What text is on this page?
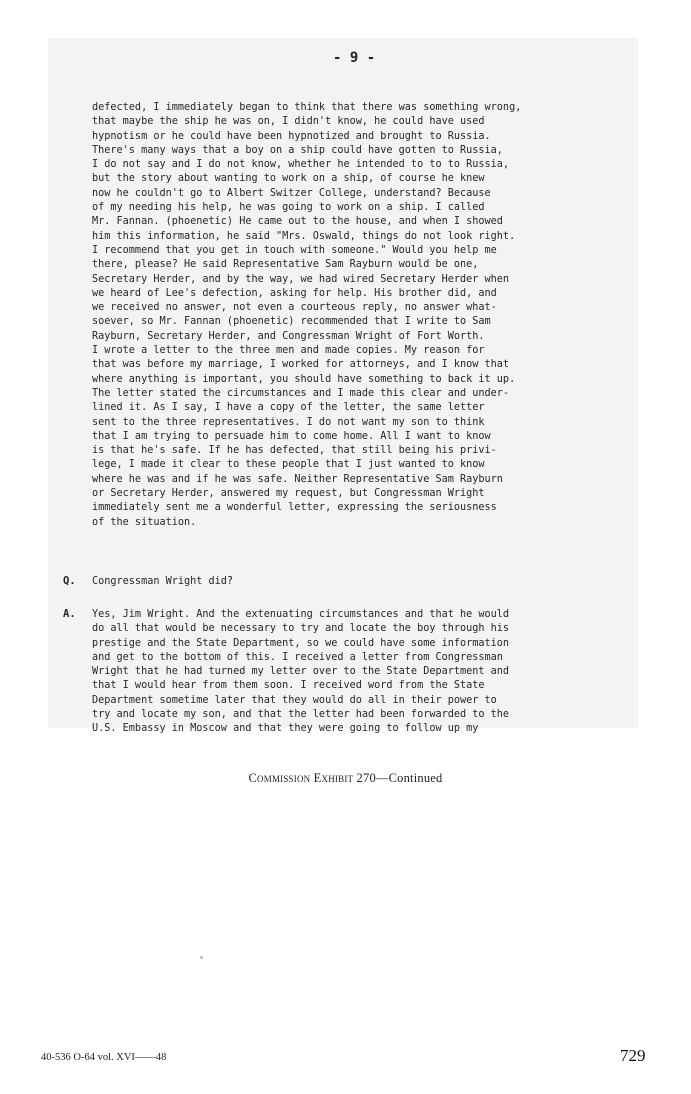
- 9 -
defected, I immediately began to think that there was something wrong,
that maybe the ship he was on, I didn't know, he could have used
hypnotism or he could have been hypnotized and brought to Russia.
There's many ways that a boy on a ship could have gotten to Russia,
I do not say and I do not know, whether he intended to to to Russia,
but the story about wanting to work on a ship, of course he knew
now he couldn't go to Albert Switzer College, understand? Because
of my needing his help, he was going to work on a ship. I called
Mr. Fannan. (phoenetic) He came out to the house, and when I showed
him this information, he said "Mrs. Oswald, things do not look right.
I recommend that you get in touch with someone." Would you help me
there, please? He said Representative Sam Rayburn would be one,
Secretary Herder, and by the way, we had wired Secretary Herder when
we heard of Lee's defection, asking for help. His brother did, and
we received no answer, not even a courteous reply, no answer what-
soever, so Mr. Fannan (phoenetic) recommended that I write to Sam
Rayburn, Secretary Herder, and Congressman Wright of Fort Worth.
I wrote a letter to the three men and made copies. My reason for
that was before my marriage, I worked for attorneys, and I know that
where anything is important, you should have something to back it up.
The letter stated the circumstances and I made this clear and under-
lined it. As I say, I have a copy of the letter, the same letter
sent to the three representatives. I do not want my son to think
that I am trying to persuade him to come home. All I want to know
is that he's safe. If he has defected, that still being his privi-
lege, I made it clear to these people that I just wanted to know
where he was and if he was safe. Neither Representative Sam Rayburn
or Secretary Herder, answered my request, but Congressman Wright
immediately sent me a wonderful letter, expressing the seriousness
of the situation.
Q. Congressman Wright did?
A. Yes, Jim Wright. And the extenuating circumstances and that he would
do all that would be necessary to try and locate the boy through his
prestige and the State Department, so we could have some information
and get to the bottom of this. I received a letter from Congressman
Wright that he had turned my letter over to the State Department and
that I would hear from them soon. I received word from the State
Department sometime later that they would do all in their power to
try and locate my son, and that the letter had been forwarded to the
U.S. Embassy in Moscow and that they were going to follow up my
Commission Exhibit 270—Continued
40-536 O-64 vol. XVI——48	729
